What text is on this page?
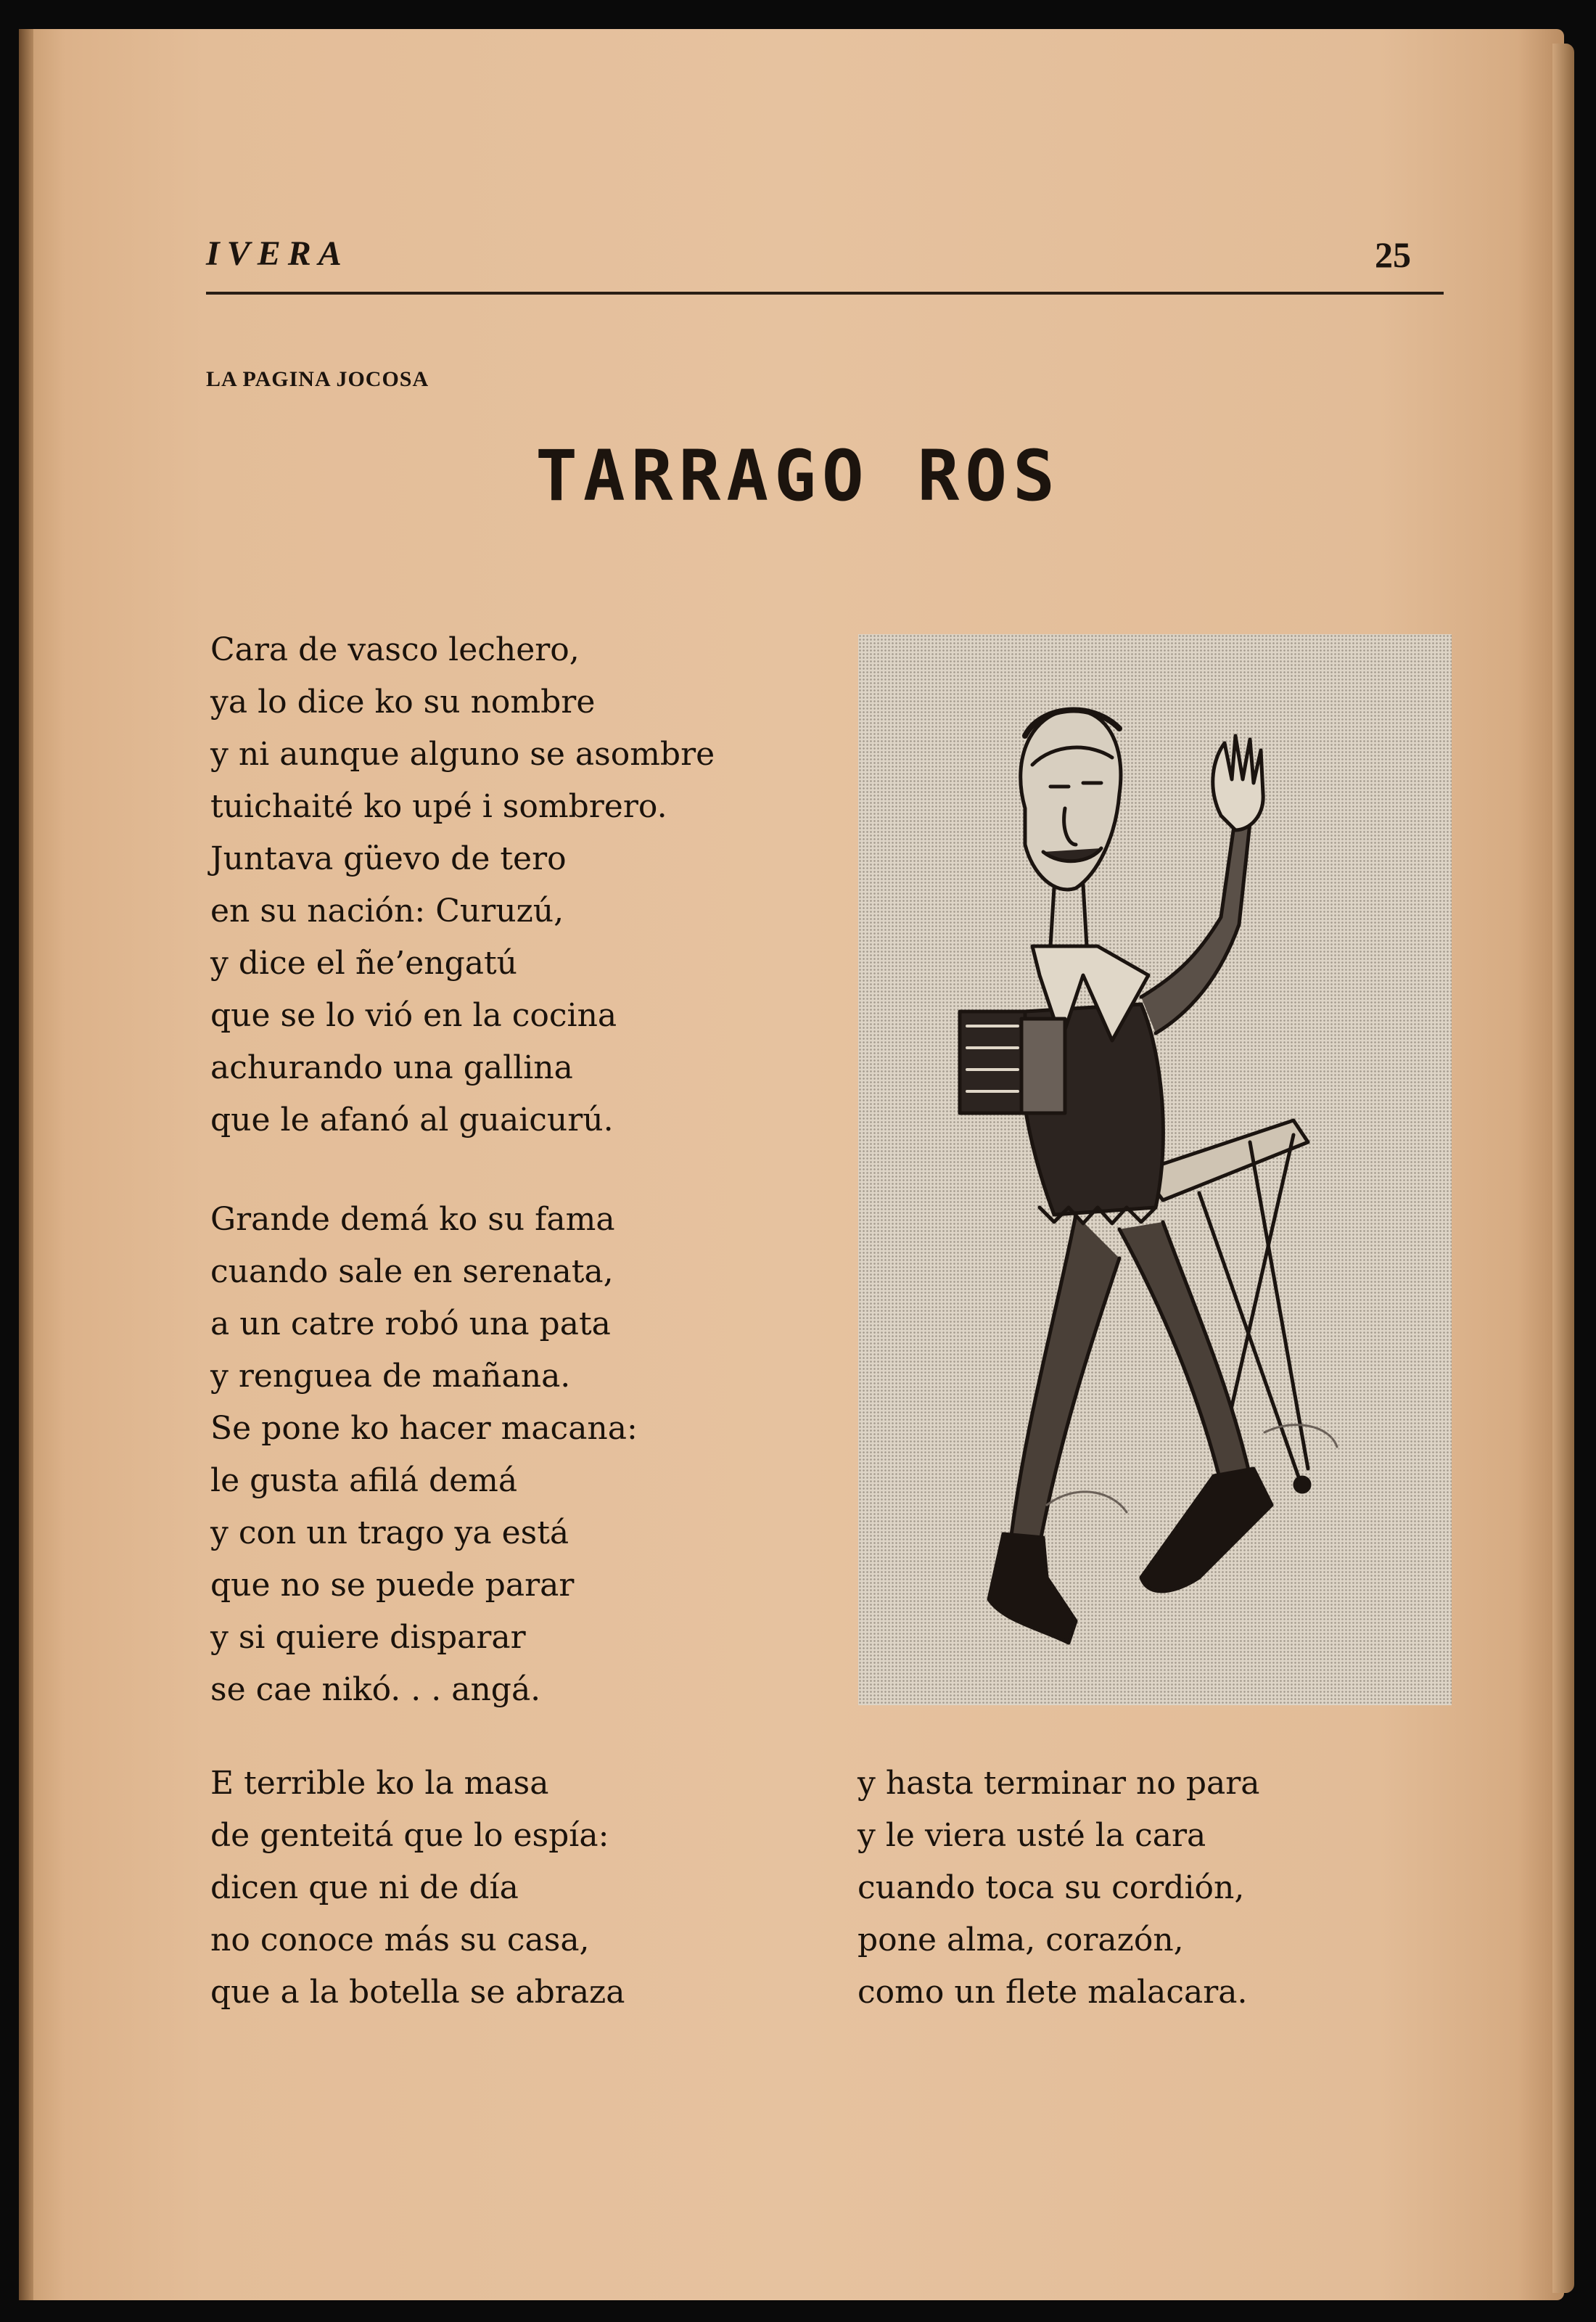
IVERA	25
LA PAGINA JOCOSA
TARRAGO ROS
Cara de vasco lechero,
ya lo dice ko su nombre
y ni aunque alguno se asombre
tuichaité ko upé i sombrero.
Juntava güevo de tero
en su nación: Curuzú,
y dice el ñe’engatú
que se lo vió en la cocina
achurando una gallina
que le afanó al guaicurú.
Grande demá ko su fama
cuando sale en serenata,
a un catre robó una pata
y renguea de mañana.
Se pone ko hacer macana:
le gusta afilá demá
y con un trago ya está
que no se puede parar
y si quiere disparar
se cae nikó. . . angá.
E terrible ko la masa
de genteitá que lo espía:
dicen que ni de día
no conoce más su casa,
que a la botella se abraza
y hasta terminar no para
y le viera usté la cara
cuando toca su cordión,
pone alma, corazón,
como un flete malacara.
